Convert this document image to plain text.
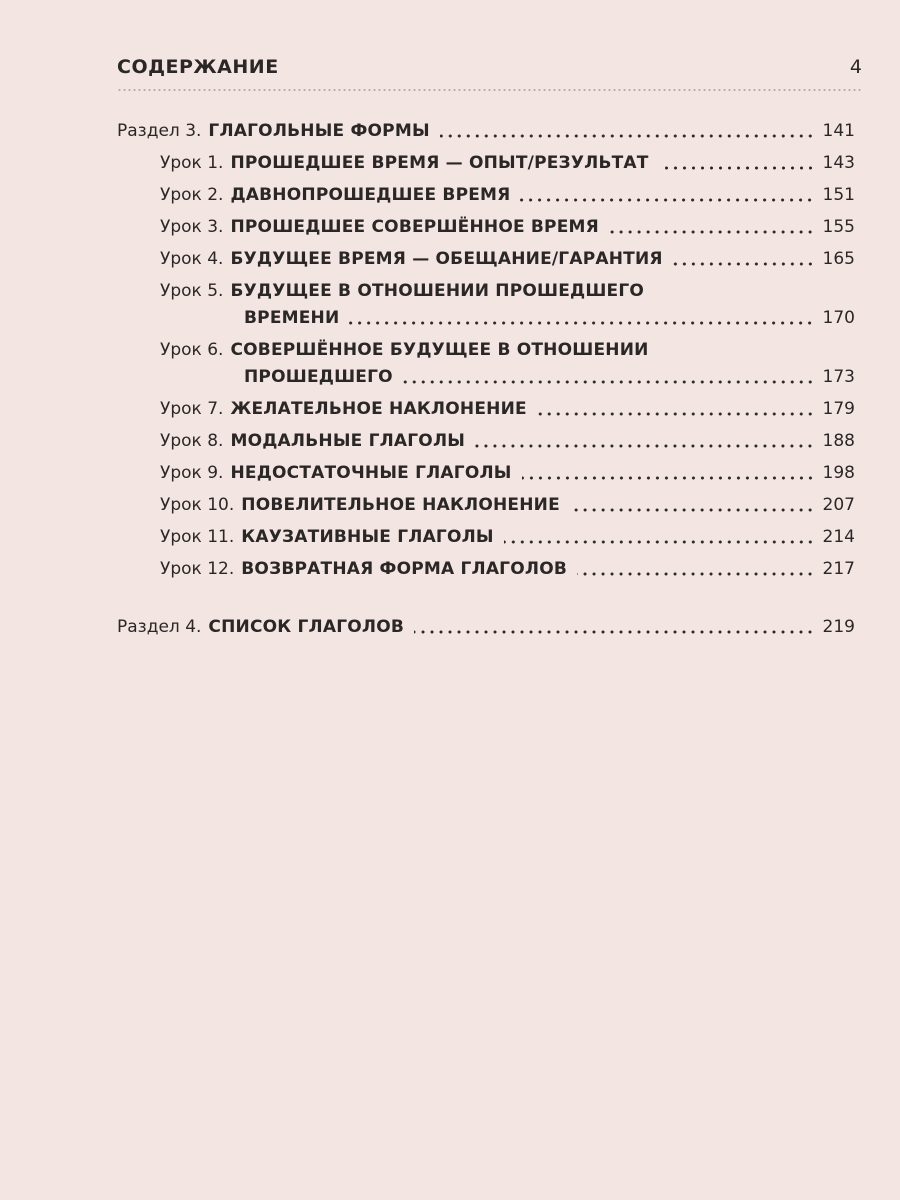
СОДЕРЖАНИЕ	4
Раздел 3. ГЛАГОЛЬНЫЕ ФОРМЫ	141
Урок 1. ПРОШЕДШЕЕ ВРЕМЯ — ОПЫТ/РЕЗУЛЬТАТ	143
Урок 2. ДАВНОПРОШЕДШЕЕ ВРЕМЯ	151
Урок 3. ПРОШЕДШЕЕ СОВЕРШЁННОЕ ВРЕМЯ	155
Урок 4. БУДУЩЕЕ ВРЕМЯ — ОБЕЩАНИЕ/ГАРАНТИЯ	165
Урок 5. БУДУЩЕЕ В ОТНОШЕНИИ ПРОШЕДШЕГО
ВРЕМЕНИ	170
Урок 6. СОВЕРШЁННОЕ БУДУЩЕЕ В ОТНОШЕНИИ
ПРОШЕДШЕГО	173
Урок 7. ЖЕЛАТЕЛЬНОЕ НАКЛОНЕНИЕ	179
Урок 8. МОДАЛЬНЫЕ ГЛАГОЛЫ	188
Урок 9. НЕДОСТАТОЧНЫЕ ГЛАГОЛЫ	198
Урок 10. ПОВЕЛИТЕЛЬНОЕ НАКЛОНЕНИЕ	207
Урок 11. КАУЗАТИВНЫЕ ГЛАГОЛЫ	214
Урок 12. ВОЗВРАТНАЯ ФОРМА ГЛАГОЛОВ	217
Раздел 4. СПИСОК ГЛАГОЛОВ	219
